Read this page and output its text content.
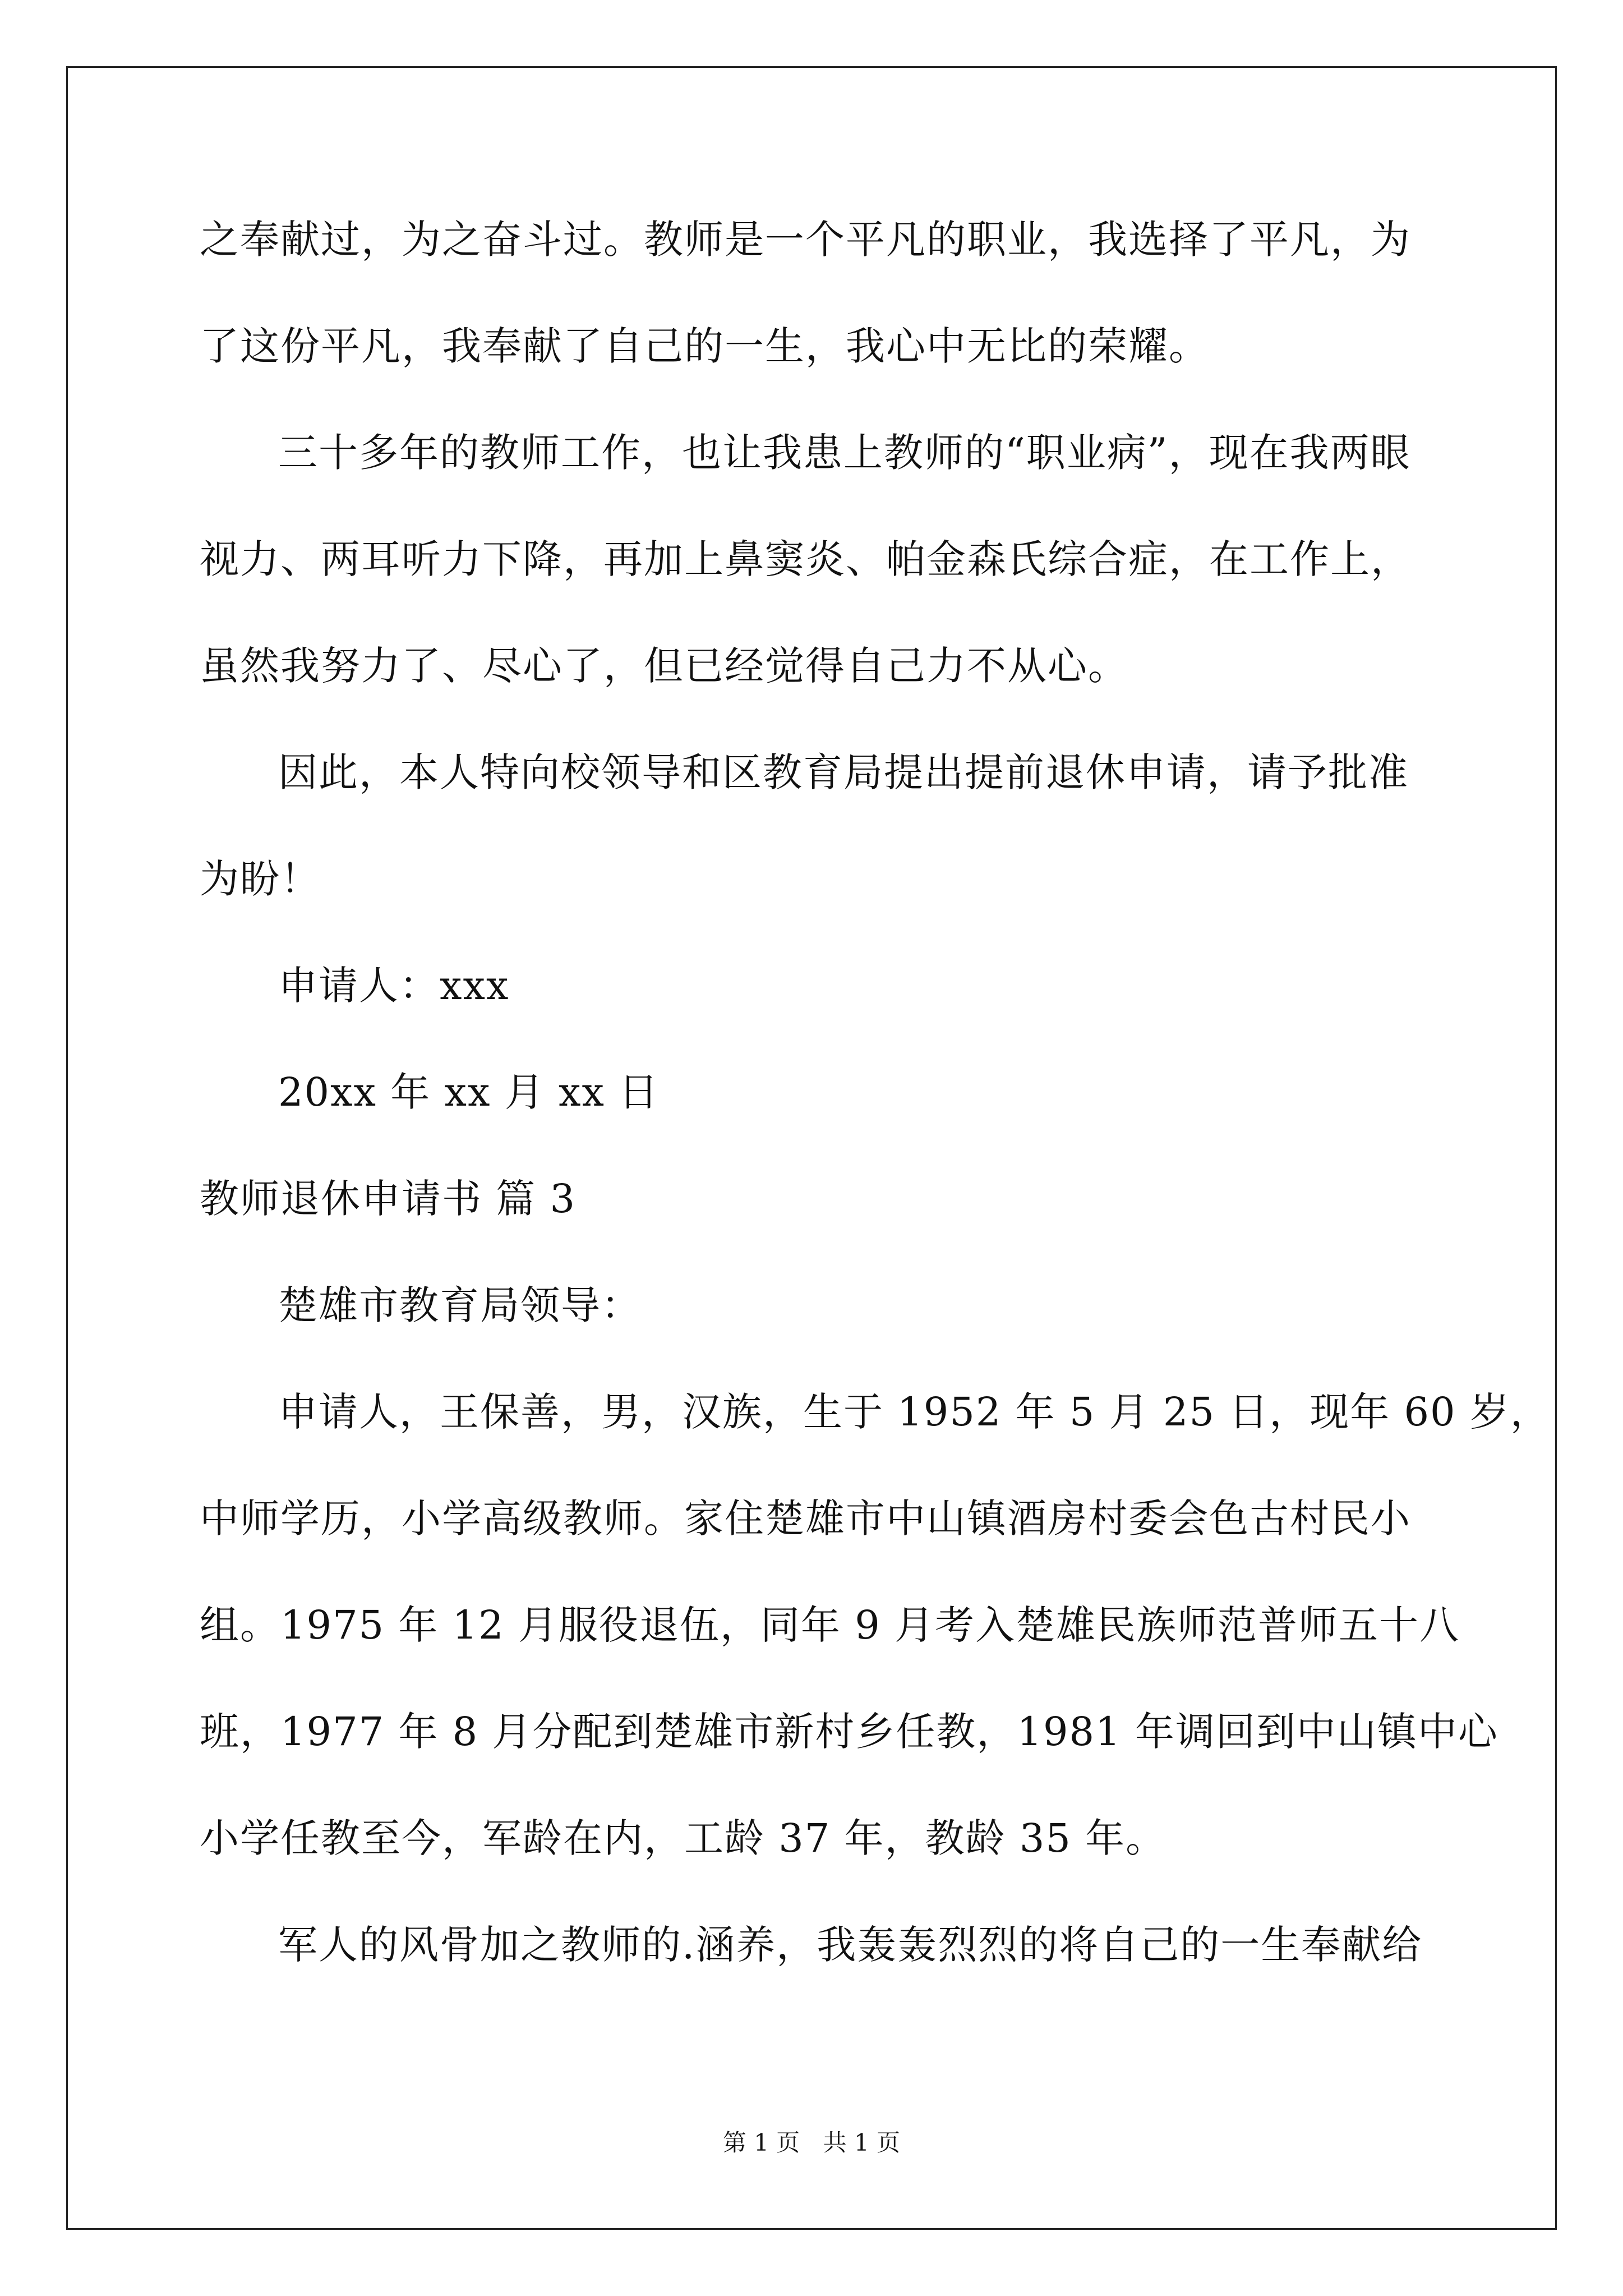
之奉献过，为之奋斗过。教师是一个平凡的职业，我选择了平凡，为
了这份平凡，我奉献了自己的一生，我心中无比的荣耀。
三十多年的教师工作，也让我患上教师的“职业病”，现在我两眼
视力、两耳听力下降，再加上鼻窦炎、帕金森氏综合症，在工作上，
虽然我努力了、尽心了，但已经觉得自己力不从心。
因此，本人特向校领导和区教育局提出提前退休申请，请予批准
为盼！
申请人：xxx
20xx 年 xx 月 xx 日
教师退休申请书 篇 3
楚雄市教育局领导：
申请人，王保善，男，汉族，生于 1952 年 5 月 25 日，现年 60 岁，
中师学历，小学高级教师。家住楚雄市中山镇酒房村委会色古村民小
组。1975 年 12 月服役退伍，同年 9 月考入楚雄民族师范普师五十八
班，1977 年 8 月分配到楚雄市新村乡任教，1981 年调回到中山镇中心
小学任教至今，军龄在内，工龄 37 年，教龄 35 年。
军人的风骨加之教师的.涵养，我轰轰烈烈的将自己的一生奉献给
第 1 页 共 1 页
